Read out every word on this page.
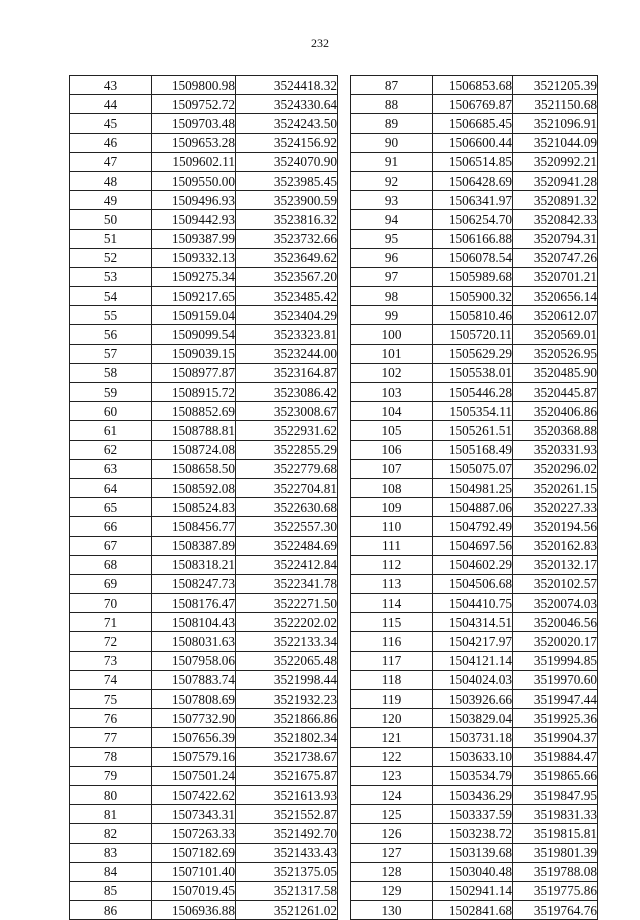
232
43	1509800.98	3524418.32
44	1509752.72	3524330.64
45	1509703.48	3524243.50
46	1509653.28	3524156.92
47	1509602.11	3524070.90
48	1509550.00	3523985.45
49	1509496.93	3523900.59
50	1509442.93	3523816.32
51	1509387.99	3523732.66
52	1509332.13	3523649.62
53	1509275.34	3523567.20
54	1509217.65	3523485.42
55	1509159.04	3523404.29
56	1509099.54	3523323.81
57	1509039.15	3523244.00
58	1508977.87	3523164.87
59	1508915.72	3523086.42
60	1508852.69	3523008.67
61	1508788.81	3522931.62
62	1508724.08	3522855.29
63	1508658.50	3522779.68
64	1508592.08	3522704.81
65	1508524.83	3522630.68
66	1508456.77	3522557.30
67	1508387.89	3522484.69
68	1508318.21	3522412.84
69	1508247.73	3522341.78
70	1508176.47	3522271.50
71	1508104.43	3522202.02
72	1508031.63	3522133.34
73	1507958.06	3522065.48
74	1507883.74	3521998.44
75	1507808.69	3521932.23
76	1507732.90	3521866.86
77	1507656.39	3521802.34
78	1507579.16	3521738.67
79	1507501.24	3521675.87
80	1507422.62	3521613.93
81	1507343.31	3521552.87
82	1507263.33	3521492.70
83	1507182.69	3521433.43
84	1507101.40	3521375.05
85	1507019.45	3521317.58
86	1506936.88	3521261.02
87	1506853.68	3521205.39
88	1506769.87	3521150.68
89	1506685.45	3521096.91
90	1506600.44	3521044.09
91	1506514.85	3520992.21
92	1506428.69	3520941.28
93	1506341.97	3520891.32
94	1506254.70	3520842.33
95	1506166.88	3520794.31
96	1506078.54	3520747.26
97	1505989.68	3520701.21
98	1505900.32	3520656.14
99	1505810.46	3520612.07
100	1505720.11	3520569.01
101	1505629.29	3520526.95
102	1505538.01	3520485.90
103	1505446.28	3520445.87
104	1505354.11	3520406.86
105	1505261.51	3520368.88
106	1505168.49	3520331.93
107	1505075.07	3520296.02
108	1504981.25	3520261.15
109	1504887.06	3520227.33
110	1504792.49	3520194.56
111	1504697.56	3520162.83
112	1504602.29	3520132.17
113	1504506.68	3520102.57
114	1504410.75	3520074.03
115	1504314.51	3520046.56
116	1504217.97	3520020.17
117	1504121.14	3519994.85
118	1504024.03	3519970.60
119	1503926.66	3519947.44
120	1503829.04	3519925.36
121	1503731.18	3519904.37
122	1503633.10	3519884.47
123	1503534.79	3519865.66
124	1503436.29	3519847.95
125	1503337.59	3519831.33
126	1503238.72	3519815.81
127	1503139.68	3519801.39
128	1503040.48	3519788.08
129	1502941.14	3519775.86
130	1502841.68	3519764.76
